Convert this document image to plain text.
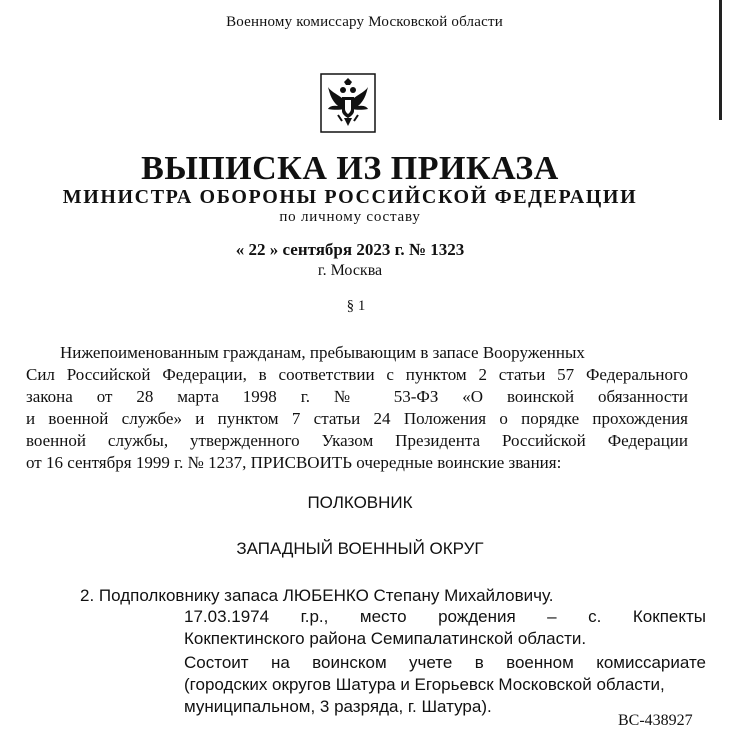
Военному комиссару Московской области
ВЫПИСКА ИЗ ПРИКАЗА
МИНИСТРА ОБОРОНЫ РОССИЙСКОЙ ФЕДЕРАЦИИ
по личному составу
« 22 » сентября 2023 г. № 1323
г. Москва
§ 1
Нижепоименованным гражданам, пребывающим в запасе Вооруженных
Сил Российской Федерации, в соответствии с пунктом 2 статьи 57 Федерального
закона от 28 марта 1998 г. № 53-ФЗ «О воинской обязанности
и военной службе» и пунктом 7 статьи 24 Положения о порядке прохождения
военной службы, утвержденного Указом Президента Российской Федерации
от 16 сентября 1999 г. № 1237, ПРИСВОИТЬ очередные воинские звания:
ПОЛКОВНИК
ЗАПАДНЫЙ ВОЕННЫЙ ОКРУГ
2. Подполковнику запаса ЛЮБЕНКО Степану Михайловичу.
17.03.1974 г.р., место рождения – с. Кокпекты
Кокпектинского района Семипалатинской области.
Состоит на воинском учете в военном комиссариате
(городских округов Шатура и Егорьевск Московской области,
муниципальном, 3 разряда, г. Шатура).
ВС-438927
